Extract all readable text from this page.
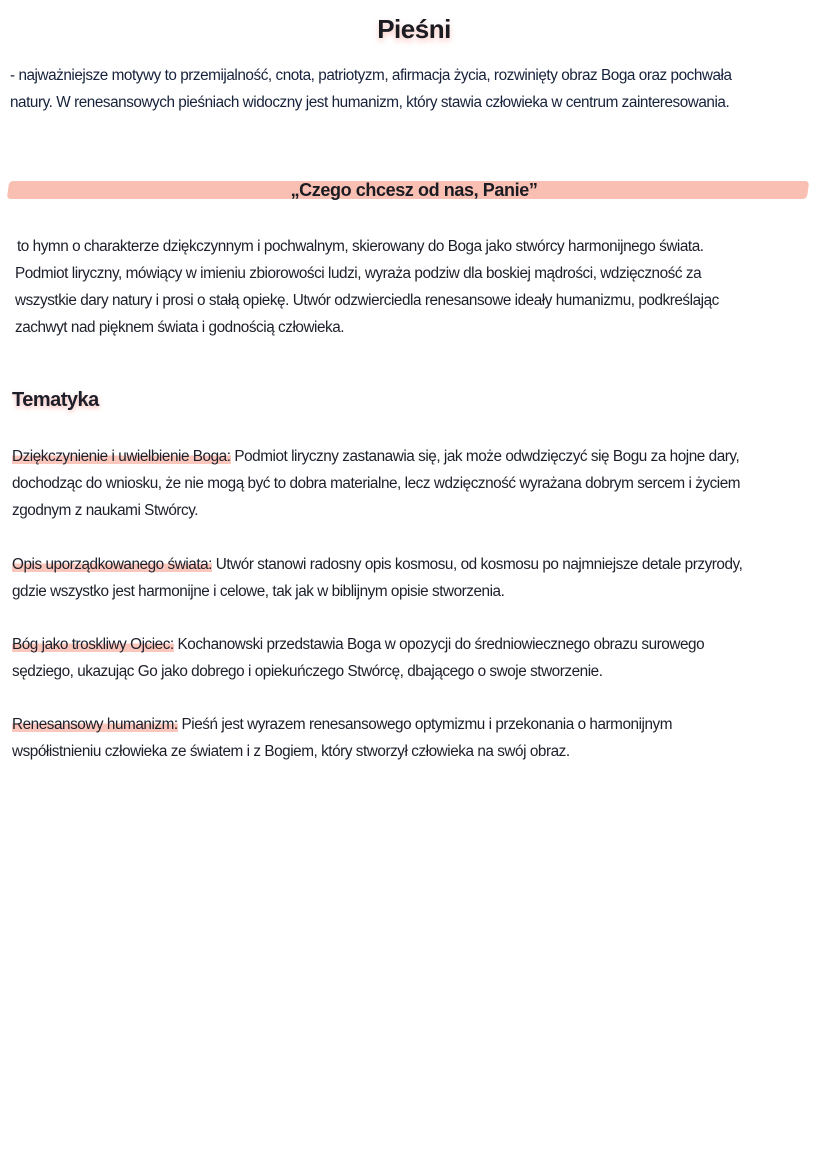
Pieśni
- najważniejsze motywy to przemijalność, cnota, patriotyzm, afirmacja życia, rozwinięty obraz Boga oraz pochwała
natury. W renesansowych pieśniach widoczny jest humanizm, który stawia człowieka w centrum zainteresowania.
„Czego chcesz od nas, Panie”
to hymn o charakterze dziękczynnym i pochwalnym, skierowany do Boga jako stwórcy harmonijnego świata.
Podmiot liryczny, mówiący w imieniu zbiorowości ludzi, wyraża podziw dla boskiej mądrości, wdzięczność za
wszystkie dary natury i prosi o stałą opiekę. Utwór odzwierciedla renesansowe ideały humanizmu, podkreślając
zachwyt nad pięknem świata i godnością człowieka.
Tematyka
Dziękczynienie i uwielbienie Boga: Podmiot liryczny zastanawia się, jak może odwdzięczyć się Bogu za hojne dary,
dochodząc do wniosku, że nie mogą być to dobra materialne, lecz wdzięczność wyrażana dobrym sercem i życiem
zgodnym z naukami Stwórcy.
Opis uporządkowanego świata: Utwór stanowi radosny opis kosmosu, od kosmosu po najmniejsze detale przyrody,
gdzie wszystko jest harmonijne i celowe, tak jak w biblijnym opisie stworzenia.
Bóg jako troskliwy Ojciec: Kochanowski przedstawia Boga w opozycji do średniowiecznego obrazu surowego
sędziego, ukazując Go jako dobrego i opiekuńczego Stwórcę, dbającego o swoje stworzenie.
Renesansowy humanizm: Pieśń jest wyrazem renesansowego optymizmu i przekonania o harmonijnym
współistnieniu człowieka ze światem i z Bogiem, który stworzył człowieka na swój obraz.
